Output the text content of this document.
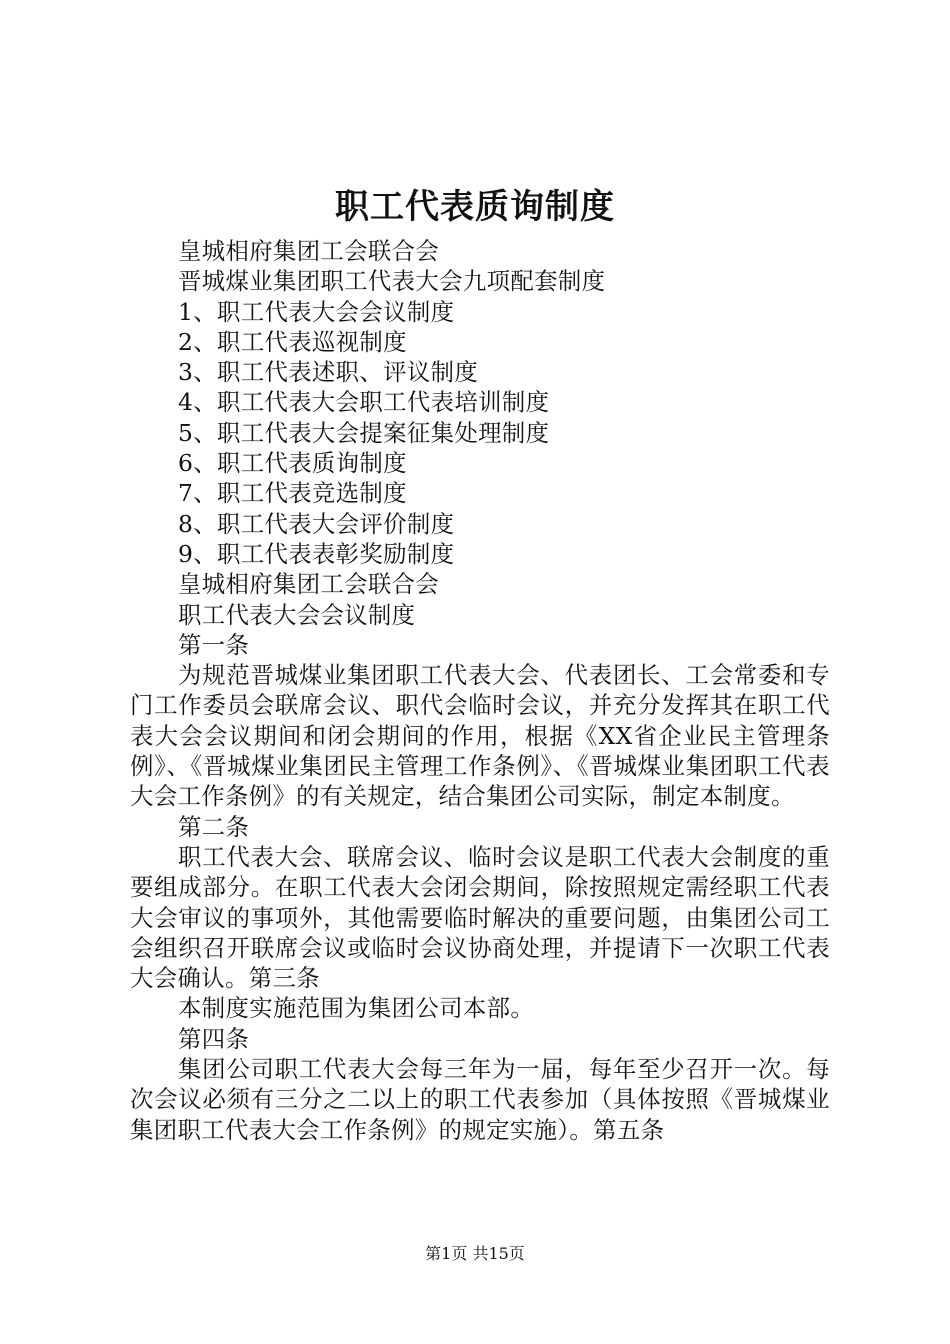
职工代表质询制度
皇城相府集团工会联合会
晋城煤业集团职工代表大会九项配套制度
1、职工代表大会会议制度
2、职工代表巡视制度
3、职工代表述职、评议制度
4、职工代表大会职工代表培训制度
5、职工代表大会提案征集处理制度
6、职工代表质询制度
7、职工代表竞选制度
8、职工代表大会评价制度
9、职工代表表彰奖励制度
皇城相府集团工会联合会
职工代表大会会议制度
第一条

为规范晋城煤业集团职工代表大会、代表团长、工会常委和专门工作委员会联席会议、职代会临时会议，并充分发挥其在职工代表大会会议期间和闭会期间的作用，根据《XX省企业民主管理条例》、《晋城煤业集团民主管理工作条例》、《晋城煤业集团职工代表大会工作条例》的有关规定，结合集团公司实际，制定本制度。

第二条

职工代表大会、联席会议、临时会议是职工代表大会制度的重要组成部分。在职工代表大会闭会期间，除按照规定需经职工代表大会审议的事项外，其他需要临时解决的重要问题，由集团公司工会组织召开联席会议或临时会议协商处理，并提请下一次职工代表大会确认。第三条

本制度实施范围为集团公司本部。

第四条

集团公司职工代表大会每三年为一届，每年至少召开一次。每次会议必须有三分之二以上的职工代表参加（具体按照《晋城煤业集团职工代表大会工作条例》的规定实施）。第五条

第1页 共15页
